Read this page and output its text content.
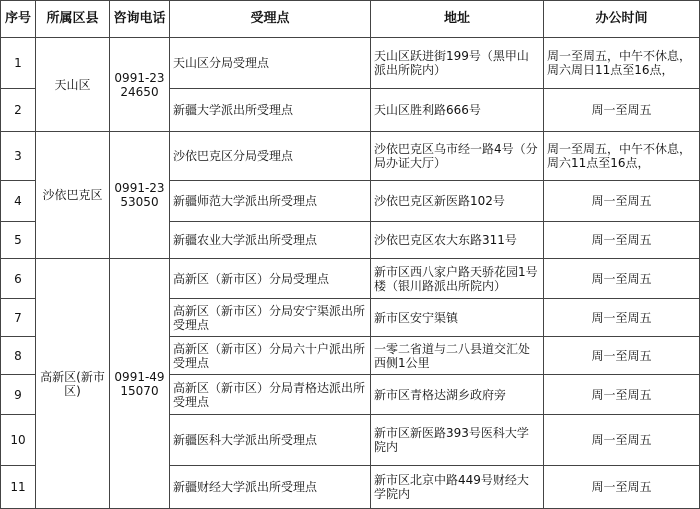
序号	所属区县	咨询电话	受理点	地址	办公时间
1	天山区	0991-2324650	天山区分局受理点	天山区跃进街199号（黑甲山派出所院内）	周一至周五，中午不休息，周六周日11点至16点，
2			新疆大学派出所受理点	天山区胜利路666号	周一至周五
3	沙依巴克区	0991-2353050	沙依巴克区分局受理点	沙依巴克区乌市经一路4号（分局办证大厅）	周一至周五，中午不休息，周六11点至16点，
4			新疆师范大学派出所受理点	沙依巴克区新医路102号	周一至周五
5			新疆农业大学派出所受理点	沙依巴克区农大东路311号	周一至周五
6	高新区(新市区)	0991-4915070	高新区（新市区）分局受理点	新市区西八家户路天骄花园1号楼（银川路派出所院内）	周一至周五
7			高新区（新市区）分局安宁渠派出所受理点	新市区安宁渠镇	周一至周五
8			高新区（新市区）分局六十户派出所受理点	一零二省道与二八县道交汇处西侧1公里	周一至周五
9			高新区（新市区）分局青格达派出所受理点	新市区青格达湖乡政府旁	周一至周五
10			新疆医科大学派出所受理点	新市区新医路393号医科大学院内	周一至周五
11			新疆财经大学派出所受理点	新市区北京中路449号财经大学院内	周一至周五
